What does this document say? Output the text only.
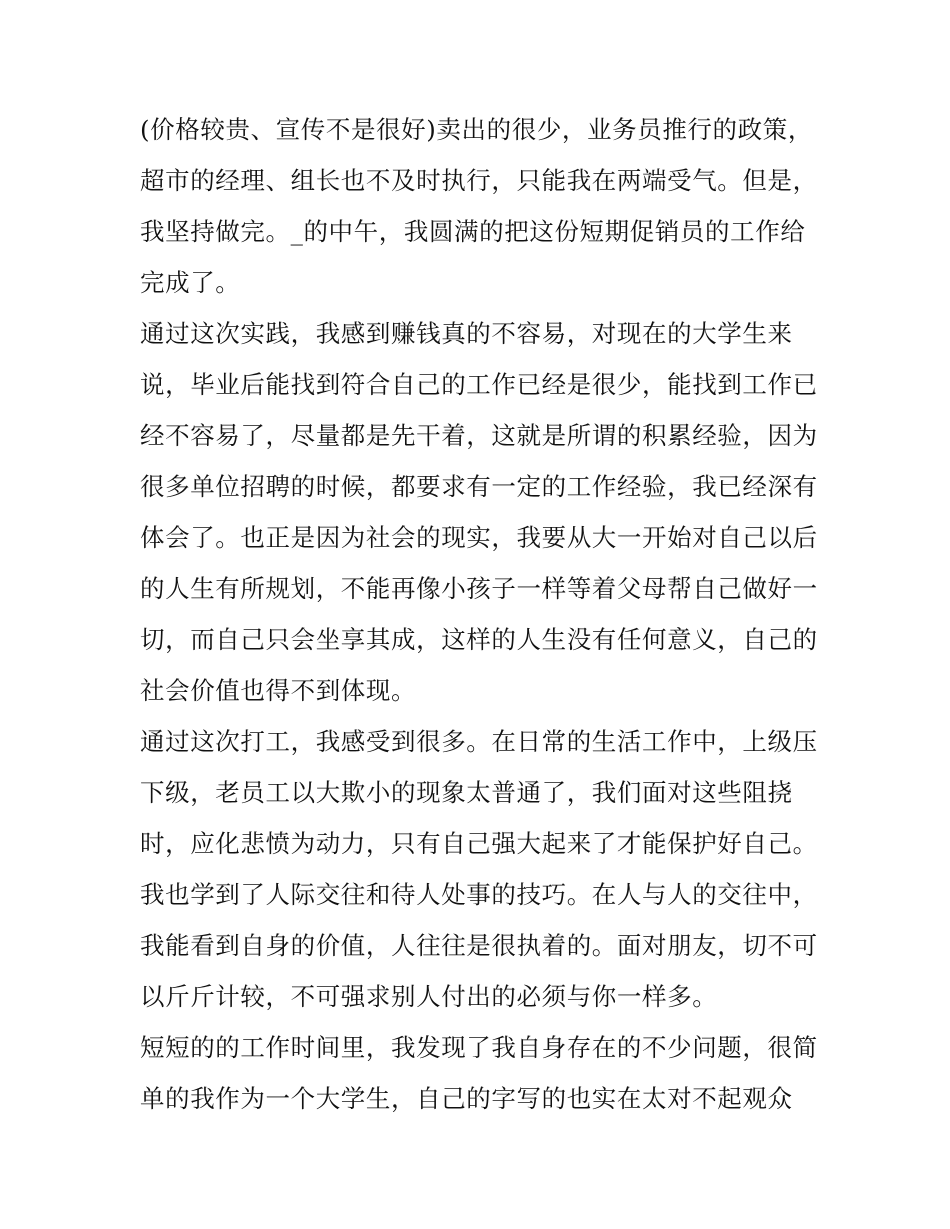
(价格较贵、宣传不是很好)卖出的很少，业务员推行的政策，
超市的经理、组长也不及时执行，只能我在两端受气。但是，
我坚持做完。_的中午，我圆满的把这份短期促销员的工作给
完成了。
通过这次实践，我感到赚钱真的不容易，对现在的大学生来
说，毕业后能找到符合自己的工作已经是很少，能找到工作已
经不容易了，尽量都是先干着，这就是所谓的积累经验，因为
很多单位招聘的时候，都要求有一定的工作经验，我已经深有
体会了。也正是因为社会的现实，我要从大一开始对自己以后
的人生有所规划，不能再像小孩子一样等着父母帮自己做好一
切，而自己只会坐享其成，这样的人生没有任何意义，自己的
社会价值也得不到体现。
通过这次打工，我感受到很多。在日常的生活工作中，上级压
下级，老员工以大欺小的现象太普通了，我们面对这些阻挠
时，应化悲愤为动力，只有自己强大起来了才能保护好自己。
我也学到了人际交往和待人处事的技巧。在人与人的交往中，
我能看到自身的价值，人往往是很执着的。面对朋友，切不可
以斤斤计较，不可强求别人付出的必须与你一样多。
短短的的工作时间里，我发现了我自身存在的不少问题，很简
单的我作为一个大学生，自己的字写的也实在太对不起观众
